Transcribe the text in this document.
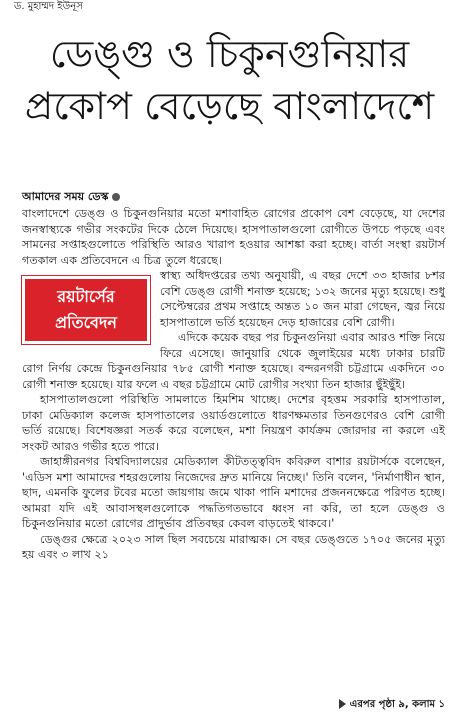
ড. মুহাম্মদ ইউনূস
ডেঙ্গু ও চিকুনগুনিয়ার প্রকোপ বেড়েছে বাংলাদেশে
আমাদের সময় ডেস্ক

বাংলাদেশে ডেঙ্গু ও চিকুনগুনিয়ার মতো মশাবাহিত রোগের প্রকোপ বেশ বেড়েছে, যা দেশের জনস্বাস্থ্যকে গভীর সংকটের দিকে ঠেলে দিয়েছে। হাসপাতালগুলো রোগীতে উপচে পড়ছে এবং সামনের সপ্তাহগুলোতে পরিস্থিতি আরও খারাপ হওয়ার আশঙ্কা করা হচ্ছে। বার্তা সংস্থা রয়টার্স গতকাল এক প্রতিবেদনে এ চিত্র তুলে ধরেছে।

রয়টার্সের
প্রতিবেদন

স্বাস্থ্য অধিদপ্তরের তথ্য অনুযায়ী, এ বছর দেশে ৩৩ হাজার ৮শর বেশি ডেঙ্গু রোগী শনাক্ত হয়েছে; ১৩২ জনের মৃত্যু হয়েছে। শুধু সেপ্টেম্বরের প্রথম সপ্তাহে অন্তত ১০ জন মারা গেছেন, জ্বর নিয়ে হাসপাতালে ভর্তি হয়েছেন দেড় হাজারের বেশি রোগী।

এদিকে কয়েক বছর পর চিকুনগুনিয়া এবার আরও শক্তি নিয়ে ফিরে এসেছে। জানুয়ারি থেকে জুলাইয়ের মধ্যে ঢাকার চারটি রোগ নির্ণয় কেন্দ্রে চিকুনগুনিয়ার ৭৮৫ রোগী শনাক্ত হয়েছে। বন্দরনগরী চট্টগ্রামে একদিনে ৩০ রোগী শনাক্ত হয়েছে। যার ফলে এ বছর চট্টগ্রামে মোট রোগীর সংখ্যা তিন হাজার ছুঁইছুঁই।

হাসপাতালগুলো পরিস্থিতি সামলাতে হিমশিম খাচ্ছে। দেশের বৃহত্তম সরকারি হাসপাতাল, ঢাকা মেডিক্যাল কলেজ হাসপাতালের ওয়ার্ডগুলোতে ধারণক্ষমতার তিনগুণেরও বেশি রোগী ভর্তি রয়েছে। বিশেষজ্ঞরা সতর্ক করে বলেছেন, মশা নিয়ন্ত্রণ কার্যক্রম জোরদার না করলে এই সংকট আরও গভীর হতে পারে।

জাহাঙ্গীরনগর বিশ্ববিদ্যালয়ের মেডিক্যাল কীটতত্ত্ববিদ কবিরুল বাশার রয়টার্সকে বলেছেন, 'এডিস মশা আমাদের শহরগুলোয় নিজেদের দ্রুত মানিয়ে নিচ্ছে।' তিনি বলেন, 'নির্মাণাধীন স্থান, ছাদ, এমনকি ফুলের টবের মতো জায়গায় জমে থাকা পানি মশাদের প্রজননক্ষেত্রে পরিণত হচ্ছে। আমরা যদি এই আবাসস্থলগুলোকে পদ্ধতিগতভাবে ধ্বংস না করি, তা হলে ডেঙ্গু ও চিকুনগুনিয়ার মতো রোগের প্রাদুর্ভাব প্রতিবছর কেবল বাড়তেই থাকবে।'

ডেঙ্গুর ক্ষেত্রে ২০২৩ সাল ছিল সবচেয়ে মারাত্মক। সে বছর ডেঙ্গুতে ১৭০৫ জনের মৃত্যু হয় এবং ৩ লাখ ২১

এরপর পৃষ্ঠা ৯, কলাম ১
